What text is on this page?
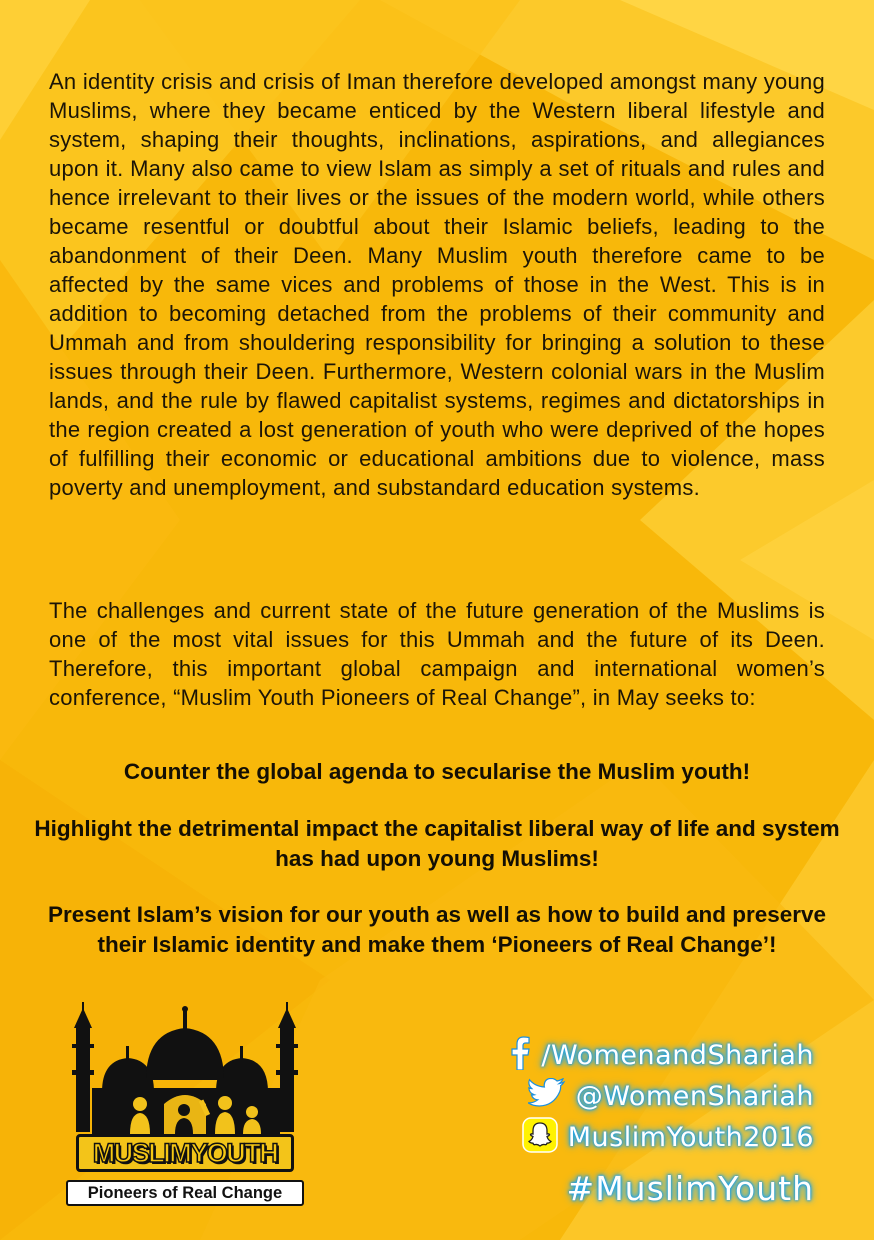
An identity crisis and crisis of Iman therefore developed amongst many young Muslims, where they became enticed by the Western liberal lifestyle and system, shaping their thoughts, inclinations, aspirations, and allegiances upon it. Many also came to view Islam as simply a set of rituals and rules and hence irrelevant to their lives or the issues of the modern world, while others became resentful or doubtful about their Islamic beliefs, leading to the abandonment of their Deen. Many Muslim youth therefore came to be affected by the same vices and problems of those in the West. This is in addition to becoming detached from the problems of their community and Ummah and from shouldering responsibility for bringing a solution to these issues through their Deen. Furthermore, Western colonial wars in the Muslim lands, and the rule by flawed capitalist systems, regimes and dictatorships in the region created a lost generation of youth who were deprived of the hopes of fulfilling their economic or educational ambitions due to violence, mass poverty and unemployment, and substandard education systems.

The challenges and current state of the future generation of the Muslims is one of the most vital issues for this Ummah and the future of its Deen. Therefore, this important global campaign and international women’s conference, “Muslim Youth Pioneers of Real Change”, in May seeks to:

Counter the global agenda to secularise the Muslim youth!

Highlight the detrimental impact the capitalist liberal way of life and system has had upon young Muslims!

Present Islam’s vision for our youth as well as how to build and preserve their Islamic identity and make them ‘Pioneers of Real Change’!

MUSLIMYOUTH
Pioneers of Real Change
/WomenandShariah
@WomenShariah
MuslimYouth2016
#MuslimYouth
